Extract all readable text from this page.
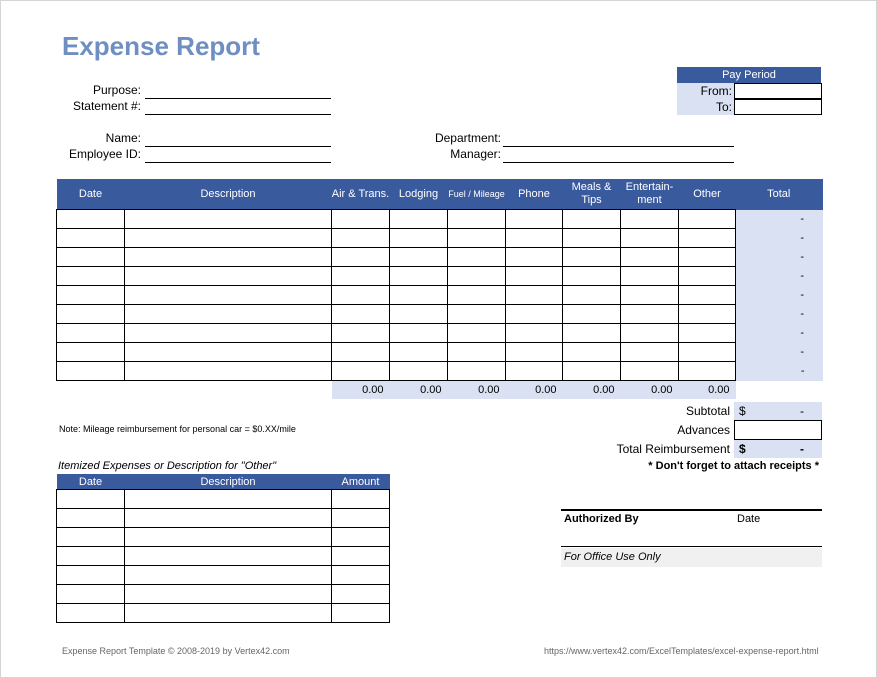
Expense Report
Pay Period
From:
To:
Purpose:
Statement #:
Name:
Employee ID:
Department:
Manager:
Date	Description	Air & Trans.	Lodging	Fuel / Mileage	Phone	Meals & Tips	Entertain-ment	Other	Total
									-
									-
									-
									-
									-
									-
									-
									-
									-
		0.00	0.00	0.00	0.00	0.00	0.00	0.00	
Note: Mileage reimbursement for personal car = $0.XX/mile
Subtotal $	-
Advances
Total Reimbursement $	-
* Don't forget to attach receipts *
Itemized Expenses or Description for "Other"
Date	Description	Amount

Authorized By	Date
For Office Use Only
Expense Report Template © 2008-2019 by Vertex42.com	https://www.vertex42.com/ExcelTemplates/excel-expense-report.html
